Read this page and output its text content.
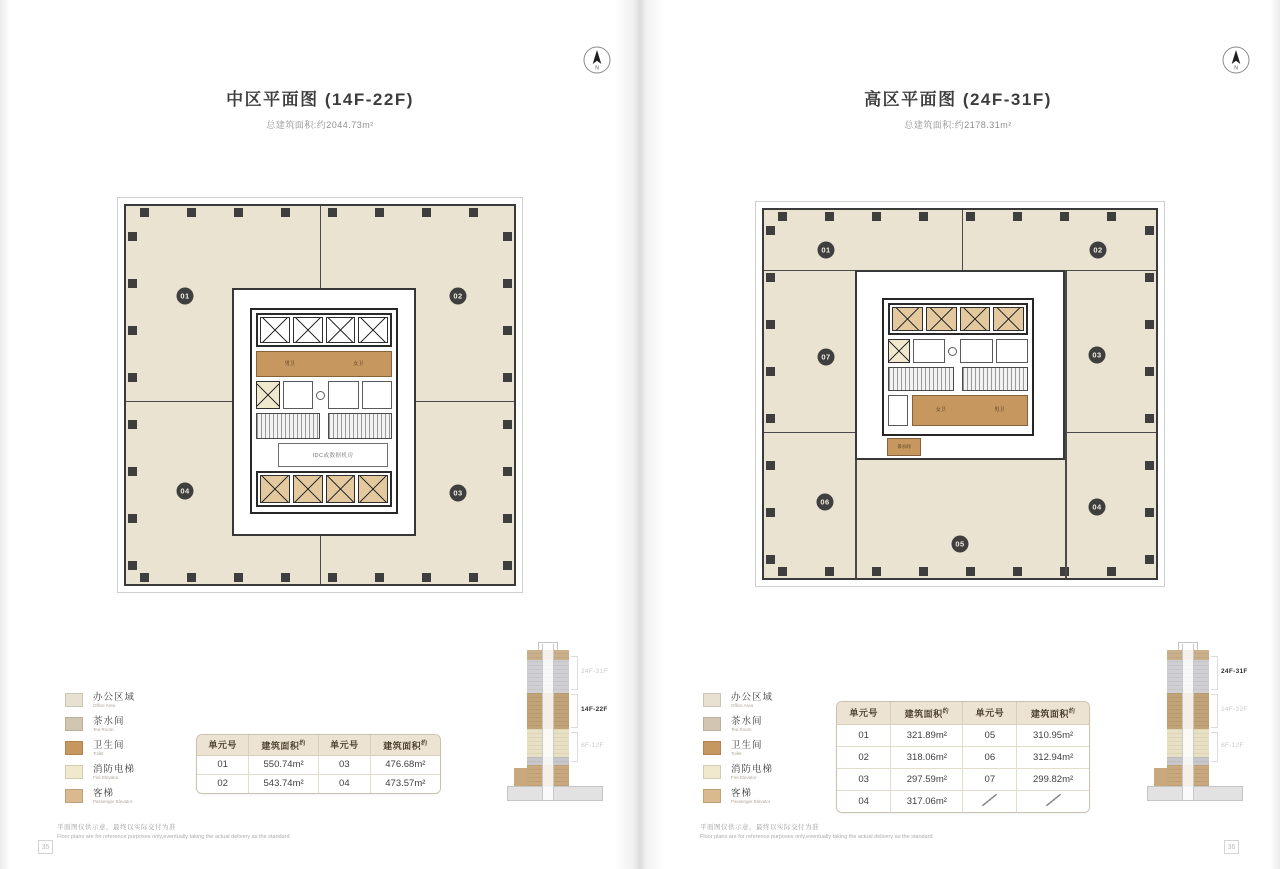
N
中区平面图 (14F-22F)
总建筑面积:约2044.73m²
01	02
03
04
男卫	女卫
IDC或数据机房
办公区域
Office Area
茶水间
Tea Room
卫生间
Toilet
消防电梯
Fire Elevator
客梯
Passenger Elevator
单元号	建筑面积$^约$	单元号	建筑面积$^约$
01	550.74m²	03	476.68m²
02	543.74m²	04	473.57m²
24F-31F
14F-22F
6F-12F
平面图仅供示意，最终以实际交付为准
Floor plans are for reference purposes only,eventually taking the actual delivery as the standard
35
N
高区平面图 (24F-31F)
总建筑面积:约2178.31m²
01	02
07	03
06
04
05
女卫	男卫
茶水间
办公区域
Office Area
茶水间
Tea Room
卫生间
Toilet
消防电梯
Fire Elevator
客梯
Passenger Elevator
单元号	建筑面积$^约$	单元号	建筑面积$^约$
01	321.89m²	05	310.95m²
02	318.06m²	06	312.94m²
03	297.59m²	07	299.82m²
04	317.06m²		
24F-31F
14F-22F
6F-12F
平面图仅供示意，最终以实际交付为准
Floor plans are for reference purposes only,eventually taking the actual delivery as the standard
36
